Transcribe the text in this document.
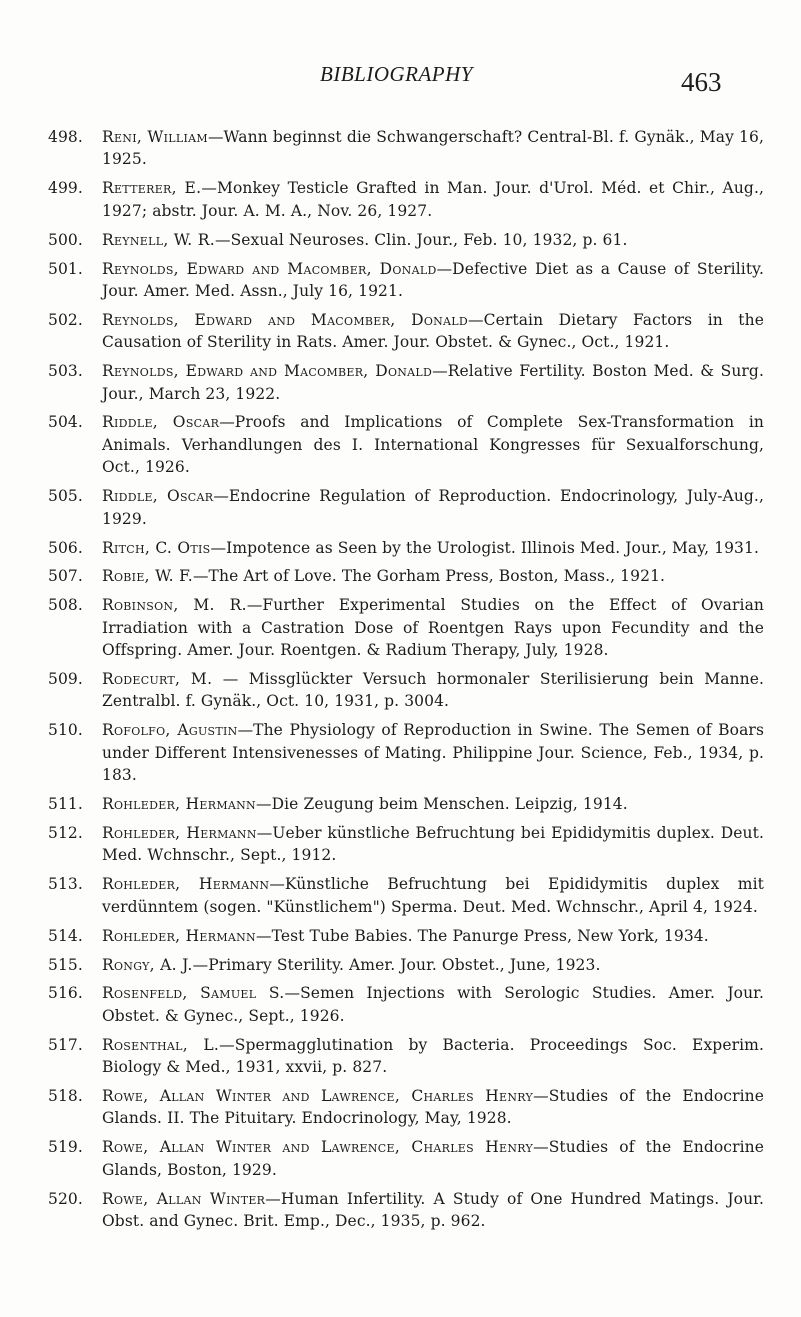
BIBLIOGRAPHY	463
498. Reni, William—Wann beginnst die Schwangerschaft? Central-Bl. f. Gynäk., May 16, 1925.
499. Retterer, E.—Monkey Testicle Grafted in Man. Jour. d'Urol. Méd. et Chir., Aug., 1927; abstr. Jour. A. M. A., Nov. 26, 1927.
500. Reynell, W. R.—Sexual Neuroses. Clin. Jour., Feb. 10, 1932, p. 61.
501. Reynolds, Edward and Macomber, Donald—Defective Diet as a Cause of Sterility. Jour. Amer. Med. Assn., July 16, 1921.
502. Reynolds, Edward and Macomber, Donald—Certain Dietary Factors in the Causation of Sterility in Rats. Amer. Jour. Obstet. & Gynec., Oct., 1921.
503. Reynolds, Edward and Macomber, Donald—Relative Fertility. Boston Med. & Surg. Jour., March 23, 1922.
504. Riddle, Oscar—Proofs and Implications of Complete Sex-Transformation in Animals. Verhandlungen des I. International Kongresses für Sexualforschung, Oct., 1926.
505. Riddle, Oscar—Endocrine Regulation of Reproduction. Endocrinology, July-Aug., 1929.
506. Ritch, C. Otis—Impotence as Seen by the Urologist. Illinois Med. Jour., May, 1931.
507. Robie, W. F.—The Art of Love. The Gorham Press, Boston, Mass., 1921.
508. Robinson, M. R.—Further Experimental Studies on the Effect of Ovarian Irradiation with a Castration Dose of Roentgen Rays upon Fecundity and the Offspring. Amer. Jour. Roentgen. & Radium Therapy, July, 1928.
509. Rodecurt, M. — Missglückter Versuch hormonaler Sterilisierung bein Manne. Zentralbl. f. Gynäk., Oct. 10, 1931, p. 3004.
510. Rofolfo, Agustin—The Physiology of Reproduction in Swine. The Semen of Boars under Different Intensivenesses of Mating. Philippine Jour. Science, Feb., 1934, p. 183.
511. Rohleder, Hermann—Die Zeugung beim Menschen. Leipzig, 1914.
512. Rohleder, Hermann—Ueber künstliche Befruchtung bei Epididymitis duplex. Deut. Med. Wchnschr., Sept., 1912.
513. Rohleder, Hermann—Künstliche Befruchtung bei Epididymitis duplex mit verdünntem (sogen. "Künstlichem") Sperma. Deut. Med. Wchnschr., April 4, 1924.
514. Rohleder, Hermann—Test Tube Babies. The Panurge Press, New York, 1934.
515. Rongy, A. J.—Primary Sterility. Amer. Jour. Obstet., June, 1923.
516. Rosenfeld, Samuel S.—Semen Injections with Serologic Studies. Amer. Jour. Obstet. & Gynec., Sept., 1926.
517. Rosenthal, L.—Spermagglutination by Bacteria. Proceedings Soc. Experim. Biology & Med., 1931, xxvii, p. 827.
518. Rowe, Allan Winter and Lawrence, Charles Henry—Studies of the Endocrine Glands. II. The Pituitary. Endocrinology, May, 1928.
519. Rowe, Allan Winter and Lawrence, Charles Henry—Studies of the Endocrine Glands, Boston, 1929.
520. Rowe, Allan Winter—Human Infertility. A Study of One Hundred Matings. Jour. Obst. and Gynec. Brit. Emp., Dec., 1935, p. 962.
